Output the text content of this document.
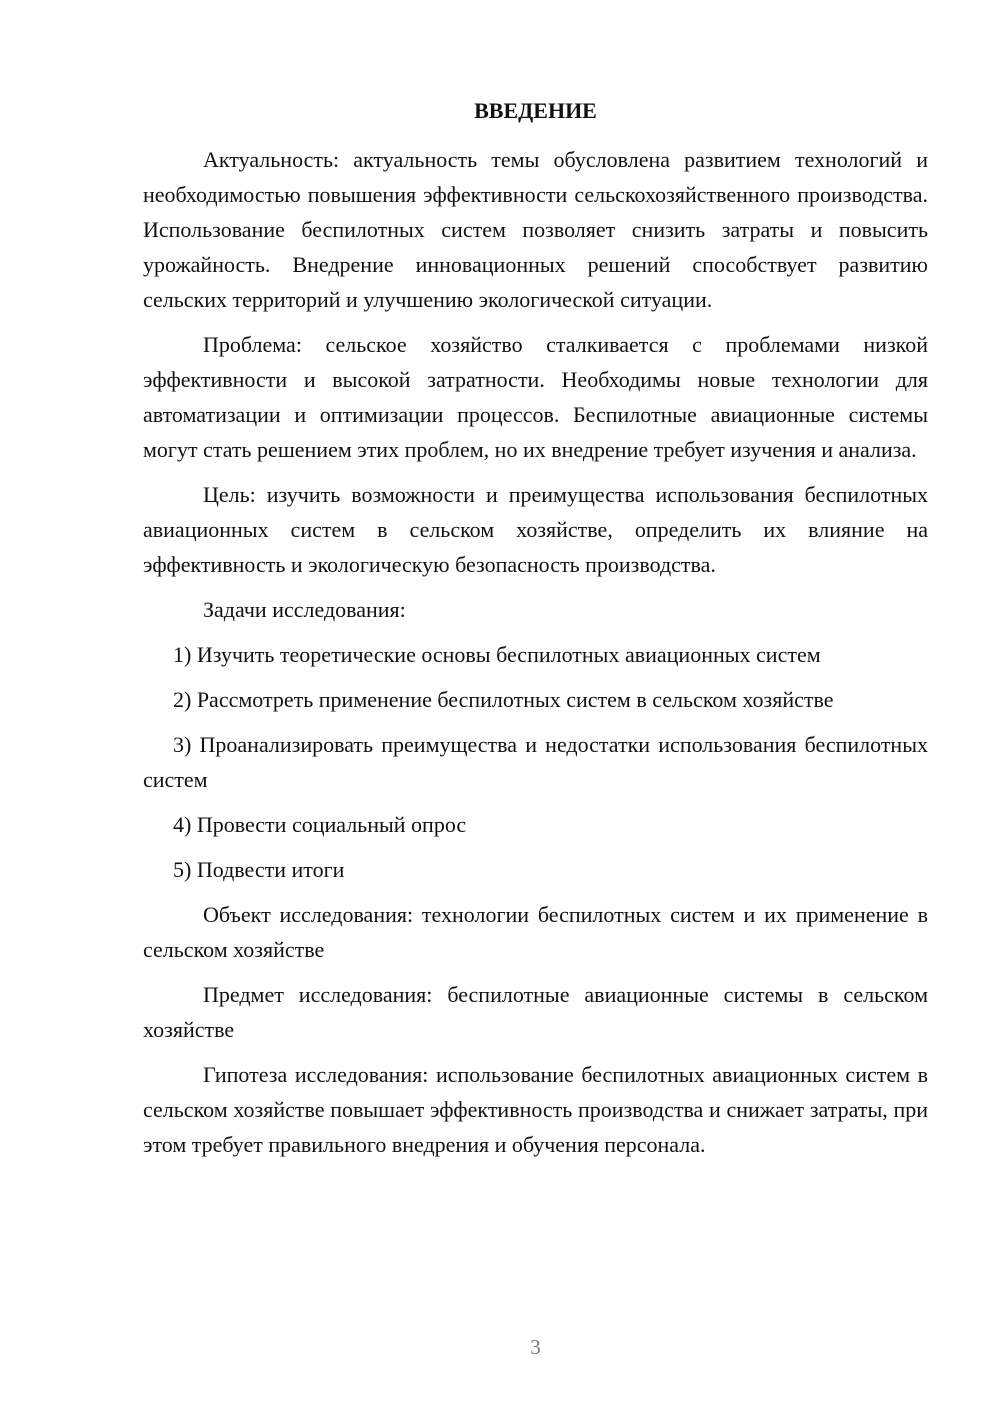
ВВЕДЕНИЕ

Актуальность: актуальность темы обусловлена развитием технологий и необходимостью повышения эффективности сельскохозяйственного производства. Использование беспилотных систем позволяет снизить затраты и повысить урожайность. Внедрение инновационных решений способствует развитию сельских территорий и улучшению экологической ситуации.

Проблема: сельское хозяйство сталкивается с проблемами низкой эффективности и высокой затратности. Необходимы новые технологии для автоматизации и оптимизации процессов. Беспилотные авиационные системы могут стать решением этих проблем, но их внедрение требует изучения и анализа.

Цель: изучить возможности и преимущества использования беспилотных авиационных систем в сельском хозяйстве, определить их влияние на эффективность и экологическую безопасность производства.

Задачи исследования:

1) Изучить теоретические основы беспилотных авиационных систем

2) Рассмотреть применение беспилотных систем в сельском хозяйстве

3) Проанализировать преимущества и недостатки использования беспилотных систем

4) Провести социальный опрос

5) Подвести итоги

Объект исследования: технологии беспилотных систем и их применение в сельском хозяйстве

Предмет исследования: беспилотные авиационные системы в сельском хозяйстве

Гипотеза исследования: использование беспилотных авиационных систем в сельском хозяйстве повышает эффективность производства и снижает затраты, при этом требует правильного внедрения и обучения персонала.

3
